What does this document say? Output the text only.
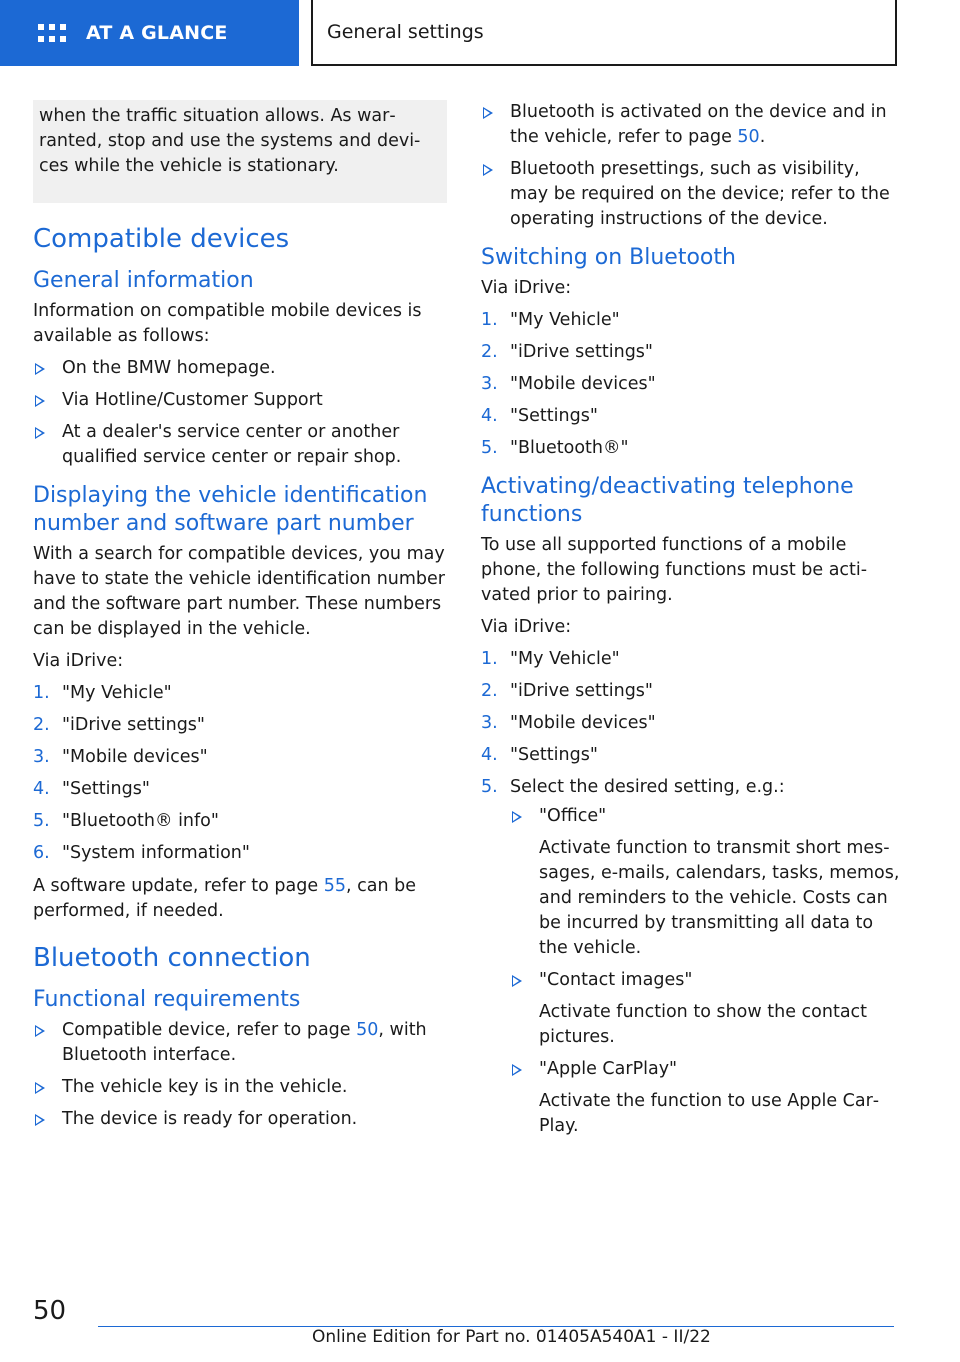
AT A GLANCE	General settings
when the traffic situation allows. As war‐ranted, stop and use the systems and devi‐ces while the vehicle is stationary.
Compatible devices
General information

Information on compatible mobile devices is available as follows:

On the BMW homepage.
Via Hotline/Customer Support
At a dealer's service center or another qualified service center or repair shop.
Displaying the vehicle identification number and software part number

With a search for compatible devices, you may have to state the vehicle identification number and the software part number. These numbers can be displayed in the vehicle.

Via iDrive:

1. "My Vehicle"
2. "iDrive settings"
3. "Mobile devices"
4. "Settings"
5. "Bluetooth® info"
6. "System information"

A software update, refer to page 55, can be performed, if needed.

Bluetooth connection
Functional requirements
Compatible device, refer to page 50, with Bluetooth interface.
The vehicle key is in the vehicle.
The device is ready for operation.
Bluetooth is activated on the device and in the vehicle, refer to page 50.
Bluetooth presettings, such as visibility, may be required on the device; refer to the operating instructions of the device.
Switching on Bluetooth

Via iDrive:

1. "My Vehicle"
2. "iDrive settings"
3. "Mobile devices"
4. "Settings"
5. "Bluetooth®"
Activating/deactivating telephone functions

To use all supported functions of a mobile phone, the following functions must be acti‐vated prior to pairing.

Via iDrive:

1. "My Vehicle"
2. "iDrive settings"
3. "Mobile devices"
4. "Settings"
5. Select the desired setting, e.g.:
"Office"
Activate function to transmit short mes‐sages, e-mails, calendars, tasks, memos, and reminders to the vehicle. Costs can be incurred by transmitting all data to the vehicle.
"Contact images"
Activate function to show the contact pictures.
"Apple CarPlay"
Activate the function to use Apple Car‐Play.
50
Online Edition for Part no. 01405A540A1 - II/22
